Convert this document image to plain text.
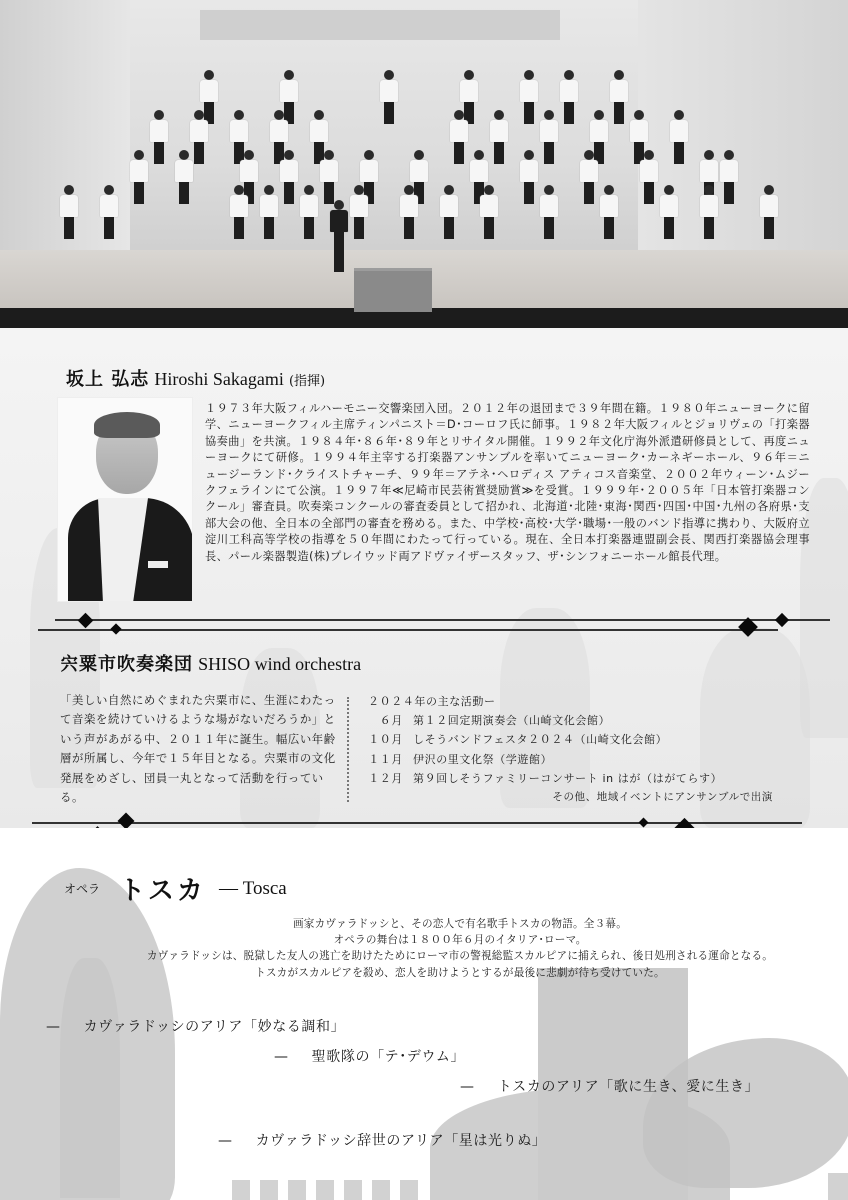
坂上 弘志 Hiroshi Sakagami (指揮)

１９７３年大阪フィルハーモニー交響楽団入団。２０１２年の退団まで３９年間在籍。１９８０年ニューヨークに留学、ニューヨークフィル主席ティンパニスト＝D･コーロフ氏に師事。１９８２年大阪フィルとジョリヴェの「打楽器協奏曲」を共演。１９８４年･８６年･８９年とリサイタル開催。１９９２年文化庁海外派遣研修員として、再度ニューヨークにて研修。１９９４年主宰する打楽器アンサンブルを率いてニューヨーク･カーネギーホール、９６年＝ニュージーランド･クライストチャーチ、９９年＝アテネ･ヘロディス アティコス音楽堂、２００２年ウィーン･ムジークフェラインにて公演。１９９７年≪尼崎市民芸術賞奨励賞≫を受賞。１９９９年･２００５年「日本管打楽器コンクール」審査員。吹奏楽コンクールの審査委員として招かれ、北海道･北陸･東海･関西･四国･中国･九州の各府県･支部大会の他、全日本の全部門の審査を務める。また、中学校･高校･大学･職場･一般のバンド指導に携わり、大阪府立淀川工科高等学校の指導を５０年間にわたって行っている。現在、全日本打楽器連盟副会長、関西打楽器協会理事長、パール楽器製造(株)プレイウッド両アドヴァイザースタッフ、ザ･シンフォニーホール館長代理。

宍粟市吹奏楽団 SHISO wind orchestra

「美しい自然にめぐまれた宍粟市に、生涯にわたって音楽を続けていけるような場がないだろうか」という声があがる中、２０１１年に誕生。幅広い年齢層が所属し、今年で１５年目となる。宍粟市の文化発展をめざし、団員一丸となって活動を行っている。

２０２４年の主な活動ー
６月 第１２回定期演奏会（山崎文化会館）
１０月 しそうバンドフェスタ２０２４（山崎文化会館）
１１月 伊沢の里文化祭（学遊館）
１２月 第９回しそうファミリーコンサート in はが（はがてらす）
その他、地域イベントにアンサンブルで出演
オペラ トスカ — Tosca
画家カヴァラドッシと、その恋人で有名歌手トスカの物語。全３幕。
オペラの舞台は１８００年６月のイタリア･ローマ。
カヴァラドッシは、脱獄した友人の逃亡を助けたためにローマ市の警視総監スカルピアに捕えられ、後日処刑される運命となる。
トスカがスカルピアを殺め、恋人を助けようとするが最後に悲劇が待ち受けていた。
— カヴァラドッシのアリア「妙なる調和」
— 聖歌隊の「テ･デウム」
— トスカのアリア「歌に生き、愛に生き」
— カヴァラドッシ辞世のアリア「星は光りぬ」
